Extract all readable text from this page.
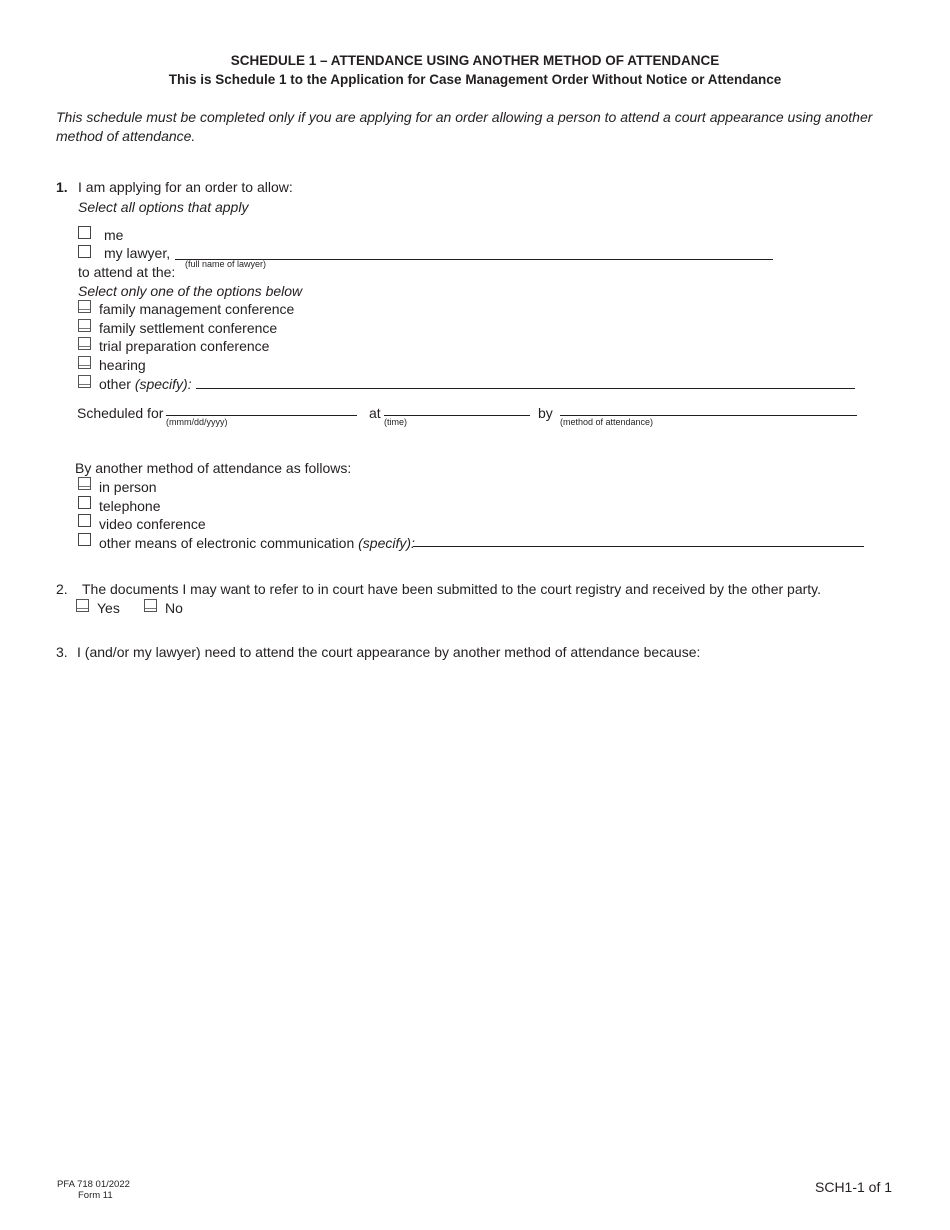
SCHEDULE 1 – ATTENDANCE USING ANOTHER METHOD OF ATTENDANCE
This is Schedule 1 to the Application for Case Management Order Without Notice or Attendance
This schedule must be completed only if you are applying for an order allowing a person to attend a court appearance using another
method of attendance.
1. I am applying for an order to allow:
Select all options that apply
me
my lawyer,
(full name of lawyer)
to attend at the:
Select only one of the options below
family management conference
family settlement conference
trial preparation conference
hearing
other (specify):
Scheduled for
(mmm/dd/yyyy)
at
(time)
by
(method of attendance)
By another method of attendance as follows:
in person
telephone
video conference
other means of electronic communication (specify):
2. The documents I may want to refer to in court have been submitted to the court registry and received by the other party.
Yes	No
3. I (and/or my lawyer) need to attend the court appearance by another method of attendance because:
PFA 718 01/2022
Form 11
SCH1-1 of 1
